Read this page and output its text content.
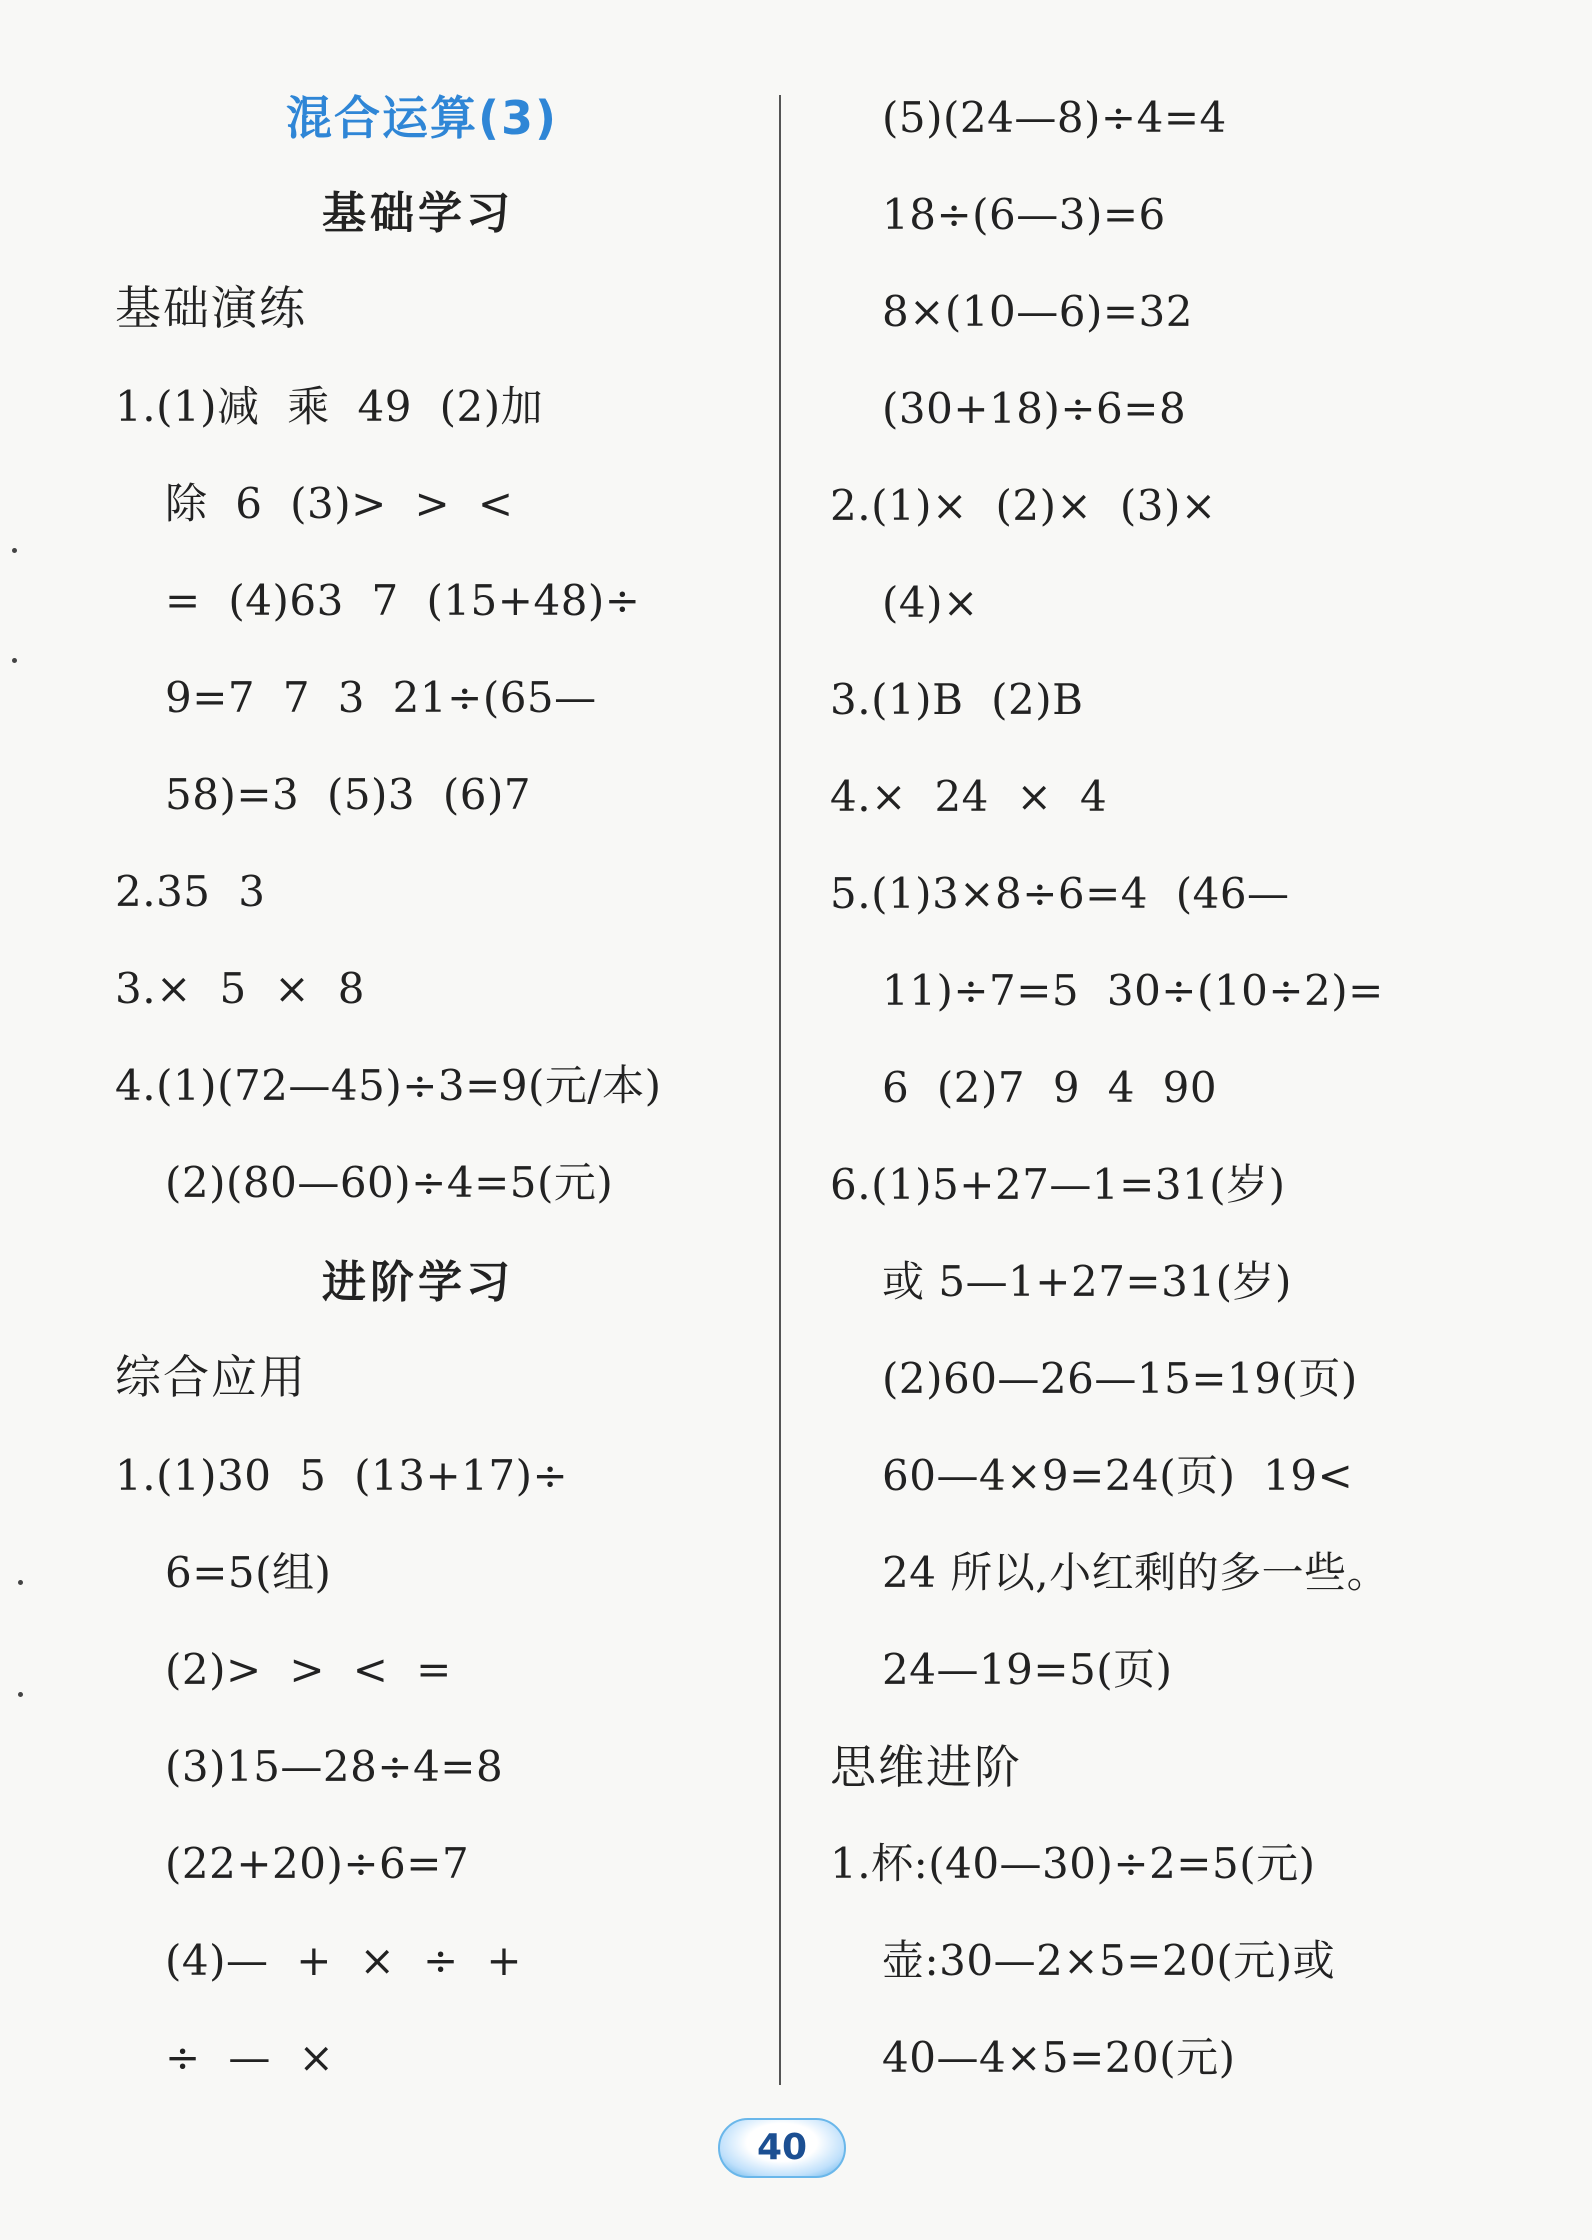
混合运算(3)
基础学习
基础演练
1.(1)减  乘  49  (2)加
除  6  (3)>  >  <
=  (4)63  7  (15+48)÷
9=7  7  3  21÷(65—
58)=3  (5)3  (6)7
2.35  3
3.×  5  ×  8
4.(1)(72—45)÷3=9(元/本)
(2)(80—60)÷4=5(元)
进阶学习
综合应用
1.(1)30  5  (13+17)÷
6=5(组)
(2)>  >  <  =
(3)15—28÷4=8
(22+20)÷6=7
(4)—  +  ×  ÷  +
÷  —  ×
(5)(24—8)÷4=4
18÷(6—3)=6
8×(10—6)=32
(30+18)÷6=8
2.(1)×  (2)×  (3)×
(4)×
3.(1)B  (2)B
4.×  24  ×  4
5.(1)3×8÷6=4  (46—
11)÷7=5  30÷(10÷2)=
6  (2)7  9  4  90
6.(1)5+27—1=31(岁)
或 5—1+27=31(岁)
(2)60—26—15=19(页)
60—4×9=24(页)  19<
24 所以,小红剩的多一些。
24—19=5(页)
思维进阶
1.杯:(40—30)÷2=5(元)
壶:30—2×5=20(元)或
40—4×5=20(元)
40
